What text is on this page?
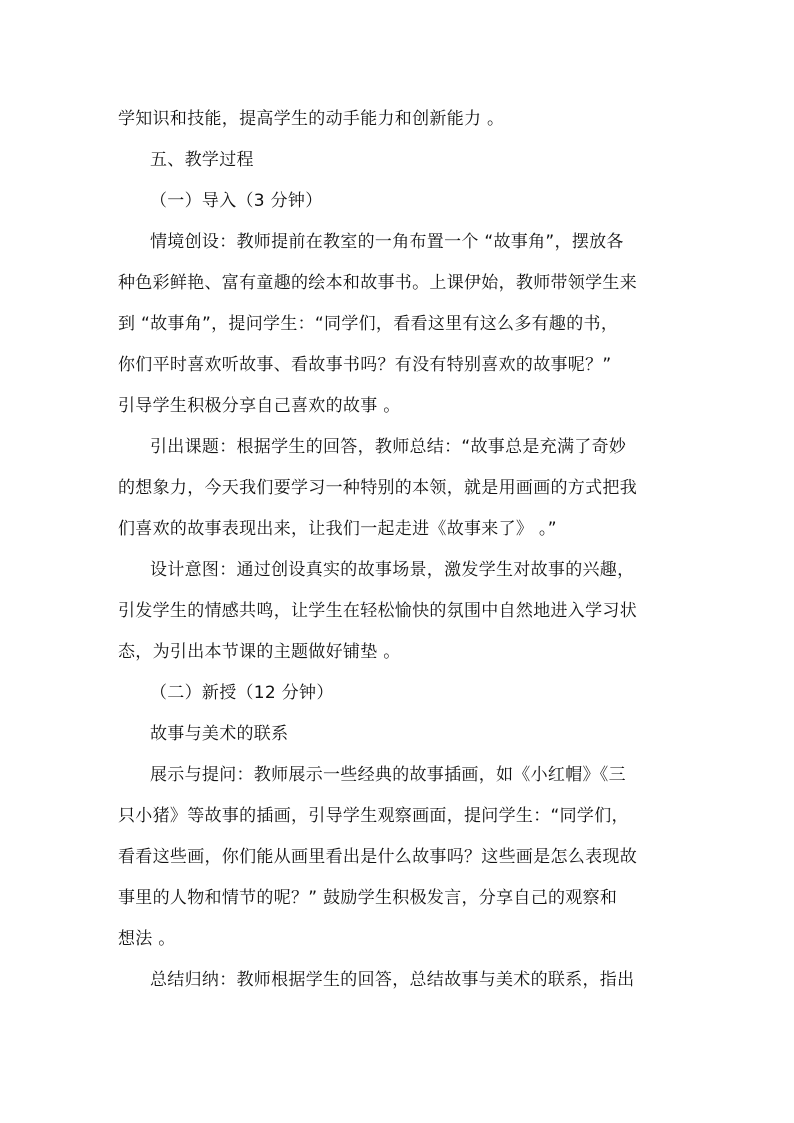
学知识和技能，提高学生的动手能力和创新能力 。
五、教学过程
（一）导入（3 分钟）
情境创设：教师提前在教室的一角布置一个 “故事角”，摆放各
种色彩鲜艳、富有童趣的绘本和故事书。上课伊始，教师带领学生来
到 “故事角”，提问学生：“同学们，看看这里有这么多有趣的书，
你们平时喜欢听故事、看故事书吗？有没有特别喜欢的故事呢？”
引导学生积极分享自己喜欢的故事 。
引出课题：根据学生的回答，教师总结：“故事总是充满了奇妙
的想象力，今天我们要学习一种特别的本领，就是用画画的方式把我
们喜欢的故事表现出来，让我们一起走进《故事来了》 。”
设计意图：通过创设真实的故事场景，激发学生对故事的兴趣，
引发学生的情感共鸣，让学生在轻松愉快的氛围中自然地进入学习状
态，为引出本节课的主题做好铺垫 。
（二）新授（12 分钟）
故事与美术的联系
展示与提问：教师展示一些经典的故事插画，如《小红帽》《三
只小猪》等故事的插画，引导学生观察画面，提问学生：“同学们，
看看这些画，你们能从画里看出是什么故事吗？这些画是怎么表现故
事里的人物和情节的呢？” 鼓励学生积极发言，分享自己的观察和
想法 。
总结归纳：教师根据学生的回答，总结故事与美术的联系，指出
